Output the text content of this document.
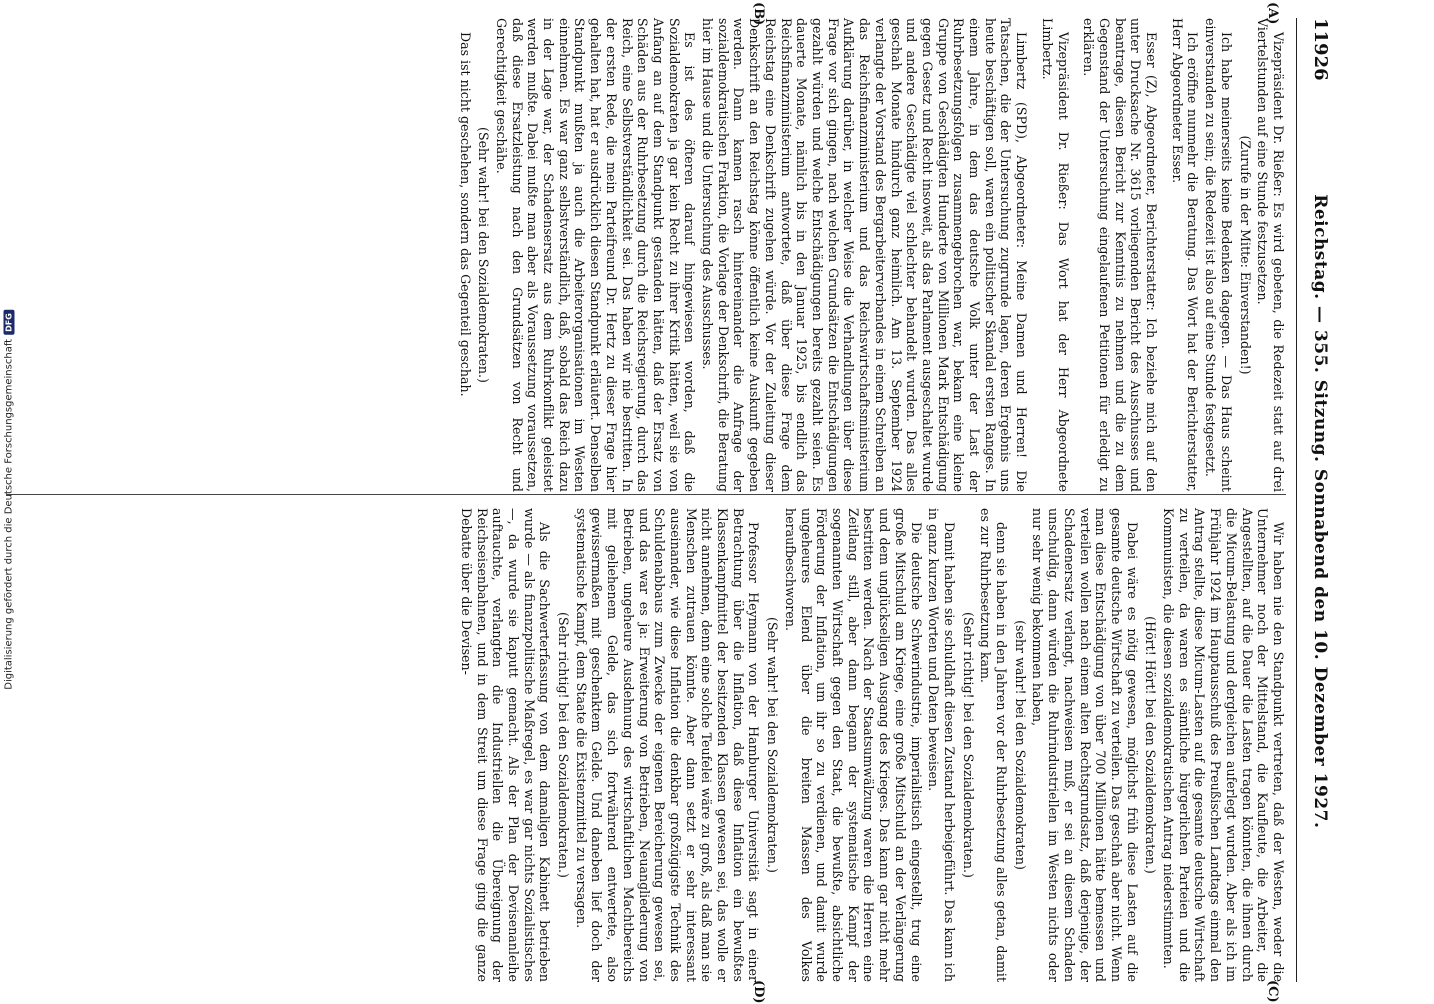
Digitalisierung gefördert durch die Deutsche Forschungsgemeinschaft
DFG
11926
Reichstag. — 355. Sitzung. Sonnabend den 10. Dezember 1927.
(A)
(B)
(C)
(D)

Vizepräsident Dr. Rießer: Es wird gebeten, die Redezeit statt auf drei Viertelstunden auf eine Stunde festzusetzen.

(Zurufe in der Mitte: Einverstanden!)

Ich habe meinerseits keine Bedenken dagegen. — Das Haus scheint einverstanden zu sein; die Redezeit ist also auf eine Stunde festgesetzt.

Ich eröffne nunmehr die Beratung. Das Wort hat der Berichterstatter, Herr Abgeordneter Esser.

Esser (Z), Abgeordneter, Berichterstatter: Ich beziehe mich auf den unter Drucksache Nr. 3615 vorliegenden Bericht des Ausschusses und beantrage, diesen Bericht zur Kenntnis zu nehmen und die zu dem Gegenstand der Untersuchung eingelaufenen Petitionen für erledigt zu erklären.

Vizepräsident Dr. Rießer: Das Wort hat der Herr Abgeordnete Limbertz.

Limbertz (SPD), Abgeordneter: Meine Damen und Herren! Die Tatsachen, die der Untersuchung zugrunde lagen, deren Ergebnis uns heute beschäftigen soll, waren ein politischer Skandal ersten Ranges. In einem Jahre, in dem das deutsche Volk unter der Last der Ruhrbesetzungsfolgen zusammengebrochen war, bekam eine kleine Gruppe von Geschädigten Hunderte von Millionen Mark Entschädigung gegen Gesetz und Recht insoweit, als das Parlament ausgeschaltet wurde und andere Geschädigte viel schlechter behandelt wurden. Das alles geschah Monate hindurch ganz heimlich. Am 13. September 1924 verlangte der Vorstand des Bergarbeiterverbandes in einem Schreiben an das Reichsfinanzministerium und das Reichswirtschaftsministerium Aufklärung darüber, in welcher Weise die Verhandlungen über diese Frage vor sich gingen, nach welchen Grundsätzen die Entschädigungen gezahlt würden und welche Entschädigungen bereits gezahlt seien. Es dauerte Monate, nämlich bis in den Januar 1925, bis endlich das Reichsfinanzministerium antwortete, daß über diese Frage dem Reichstag eine Denkschrift zugehen würde. Vor der Zuleitung dieser Denkschrift an den Reichstag könne öffentlich keine Auskunft gegeben werden. Dann kamen rasch hintereinander die Anfrage der sozialdemokratischen Fraktion, die Vorlage der Denkschrift, die Beratung hier im Hause und die Untersuchung des Ausschusses.

Es ist des öfteren darauf hingewiesen worden, daß die Sozialdemokraten ja gar kein Recht zu ihrer Kritik hätten, weil sie von Anfang an auf dem Standpunkt gestanden hätten, daß der Ersatz von Schäden aus der Ruhrbesetzung durch die Reichsregierung, durch das Reich, eine Selbstverständlichkeit sei. Das haben wir nie bestritten. In der ersten Rede, die mein Parteifreund Dr. Hertz zu dieser Frage hier gehalten hat, hat er ausdrücklich diesen Standpunkt erläutert. Denselben Standpunkt mußten ja auch die Arbeiterorganisationen im Westen einnehmen. Es war ganz selbstverständlich, daß, sobald das Reich dazu in der Lage war, der Schadensersatz aus dem Ruhrkonflikt geleistet werden mußte. Dabei mußte man aber als Voraussetzung voraussetzen, daß diese Ersatzleistung nach den Grundsätzen von Recht und Gerechtigkeit geschähe.

(Sehr wahr! bei den Sozialdemokraten.)

Das ist nicht geschehen, sondern das Gegenteil geschah.

Wir haben nie den Standpunkt vertreten, daß der Westen, weder die Unternehmer noch der Mittelstand, die Kaufleute, die Arbeiter, die Angestellten, auf die Dauer die Lasten tragen könnten, die ihnen durch die Micum-Belastung und dergleichen auferlegt wurden. Aber als ich im Frühjahr 1924 im Hauptausschuß des Preußischen Landtags einmal den Antrag stellte, diese Micum-Lasten auf die gesamte deutsche Wirtschaft zu verteilen, da waren es sämtliche bürgerlichen Parteien und die Kommunisten, die diesen sozialdemokratischen Antrag niederstimmten.

(Hört! Hört! bei den Sozialdemokraten.)

Dabei wäre es nötig gewesen, möglichst früh diese Lasten auf die gesamte deutsche Wirtschaft zu verteilen. Das geschah aber nicht. Wenn man diese Entschädigung von über 700 Millionen hätte bemessen und verteilen wollen nach einem alten Rechtsgrundsatz, daß derjenige, der Schadenersatz verlangt, nachweisen muß, er sei an diesem Schaden unschuldig, dann würden die Ruhrindustriellen im Westen nichts oder nur sehr wenig bekommen haben,

(sehr wahr! bei den Sozialdemokraten)

denn sie haben in den Jahren vor der Ruhrbesetzung alles getan, damit es zur Ruhrbesetzung kam.

(Sehr richtig! bei den Sozialdemokraten.)

Damit haben sie schuldhaft diesen Zustand herbeigeführt. Das kann ich in ganz kurzen Worten und Daten beweisen.

Die deutsche Schwerindustrie, imperialistisch eingestellt, trug eine große Mitschuld am Kriege, eine große Mitschuld an der Verlängerung und dem unglückseligen Ausgang des Krieges. Das kann gar nicht mehr bestritten werden. Nach der Staatsumwälzung waren die Herren eine Zeitlang still, aber dann begann der systematische Kampf der sogenannten Wirtschaft gegen den Staat, die bewußte, absichtliche Förderung der Inflation, um ihr so zu verdienen, und damit wurde ungeheures Elend über die breiten Massen des Volkes heraufbeschworen.

(Sehr wahr! bei den Sozialdemokraten.)

Professor Heymann von der Hamburger Universität sagt in einer Betrachtung über die Inflation, daß diese Inflation ein bewußtes Klassenkampfmittel der besitzenden Klassen gewesen sei, das wolle er nicht annehmen, denn eine solche Teufelei wäre zu groß, als daß man sie Menschen zutrauen könnte. Aber dann setzt er sehr interessant auseinander, wie diese Inflation die denkbar großzügigste Technik des Schuldenabbaus zum Zwecke der eigenen Bereicherung gewesen sei, und das war es ja: Erweiterung von Betrieben, Neuangliederung von Betrieben, ungeheure Ausdehnung des wirtschaftlichen Machtbereichs mit geliehenem Gelde, das sich fortwährend entwertete, also gewissermaßen mit geschenktem Gelde. Und daneben lief doch der systematische Kampf, dem Staate die Existenzmittel zu versagen.

(Sehr richtig! bei den Sozialdemokraten.)

Als die Sachwerterfassung von dem damaligen Kabinett betrieben wurde — als finanzpolitische Maßregel, es war gar nichts Sozialistisches —, da wurde sie kaputt gemacht. Als der Plan der Devisenanleihe auftauchte, verlangten die Industriellen die Übereignung der Reichseisenbahnen, und in dem Streit um diese Frage ging die ganze Debatte über die Devisen-
